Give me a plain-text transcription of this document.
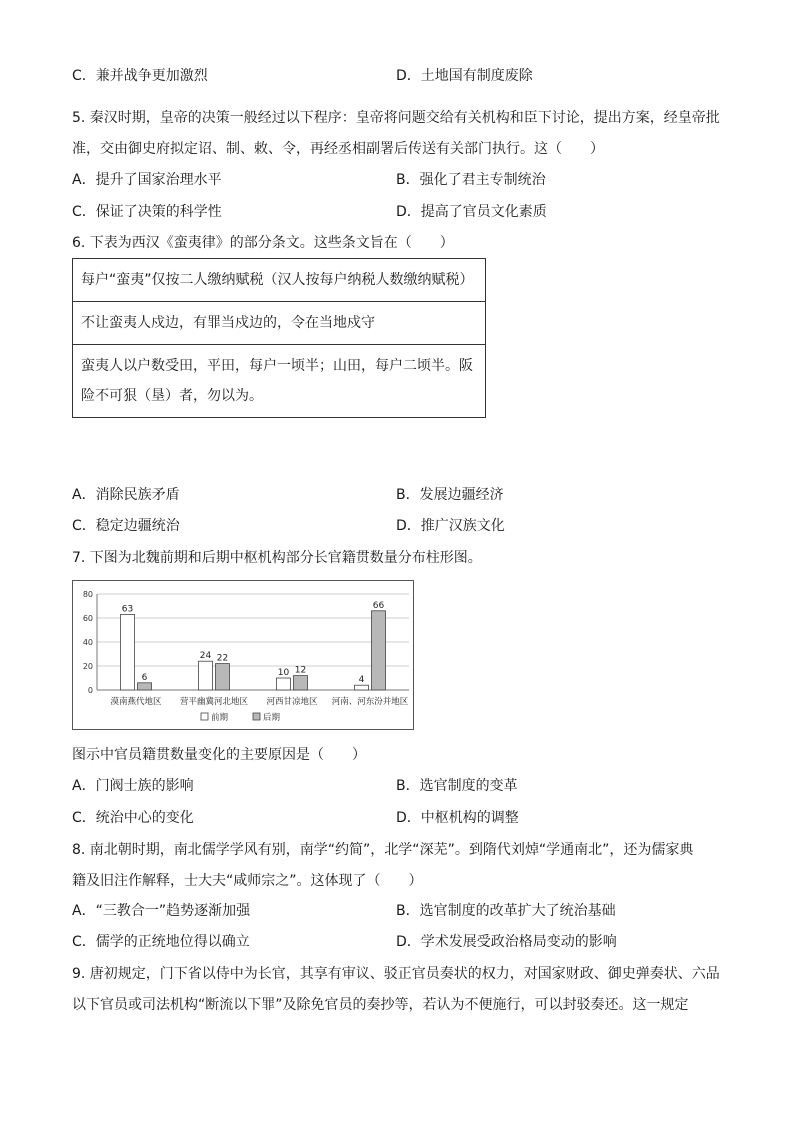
C．兼并战争更加激烈	D．土地国有制度废除
5. 秦汉时期，皇帝的决策一般经过以下程序：皇帝将问题交给有关机构和臣下讨论，提出方案，经皇帝批
准，交由御史府拟定诏、制、敕、令，再经丞相副署后传送有关部门执行。这（　　）
A．提升了国家治理水平	B．强化了君主专制统治
C．保证了决策的科学性	D．提高了官员文化素质
6. 下表为西汉《蛮夷律》的部分条文。这些条文旨在（　　）
每户“蛮夷”仅按二人缴纳赋税（汉人按每户纳税人数缴纳赋税）
不让蛮夷人戍边，有罪当戍边的，令在当地戍守
蛮夷人以户数受田，平田，每户一顷半；山田，每户二顷半。阪险不可狠（垦）者，勿以为。
A．消除民族矛盾	B．发展边疆经济
C．稳定边疆统治	D．推广汉族文化
7. 下图为北魏前期和后期中枢机构部分长官籍贯数量分布柱形图。
0
20
40
60
80
63
6
漠南燕代地区
24 22
营平幽冀河北地区
10 12
河西甘凉地区
4
66
河南、河东汾并地区
前期	后期
图示中官员籍贯数量变化的主要原因是（　　）
A．门阀士族的影响	B．选官制度的变革
C．统治中心的变化	D．中枢机构的调整
8. 南北朝时期，南北儒学学风有别，南学“约简”，北学“深芜”。到隋代刘焯“学通南北”，还为儒家典
籍及旧注作解释，士大夫“咸师宗之”。这体现了（　　）
A．“三教合一”趋势逐渐加强	B．选官制度的改革扩大了统治基础
C．儒学的正统地位得以确立	D．学术发展受政治格局变动的影响
9. 唐初规定，门下省以侍中为长官，其享有审议、驳正官员奏状的权力，对国家财政、御史弹奏状、六品
以下官员或司法机构“断流以下罪”及除免官员的奏抄等，若认为不便施行，可以封驳奏还。这一规定
